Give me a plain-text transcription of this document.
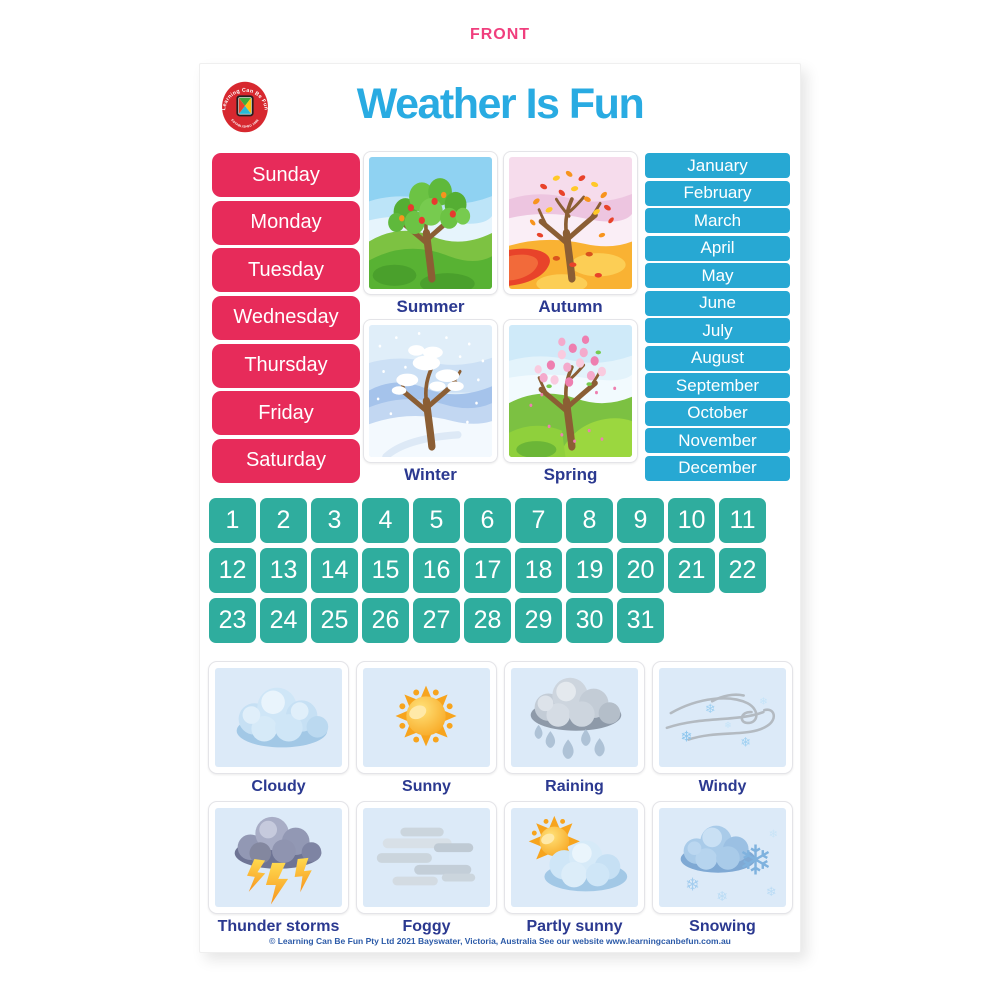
FRONT
Learning Can Be Fun
ESTABLISHED 1986	Weather Is Fun
Sunday
Monday
Tuesday
Wednesday
Thursday
Friday
Saturday
Summer	Autumn
Winter	Spring
January
February
March
April
May
June
July
August
September
October
November
December
1	2	3	4	5	6	7	8	9	10 11
12 13 14 15 16 17 18 19 20 21 22
23 24 25 26 27 28 29 30 31
Cloudy	Sunny	Raining
❄
❄	❄
❄
❄
Windy
Thunder storms	Foggy	Partly sunny
❄
❄
❄	❄
❄
Snowing
© Learning Can Be Fun Pty Ltd 2021 Bayswater, Victoria, Australia See our website www.learningcanbefun.com.au
